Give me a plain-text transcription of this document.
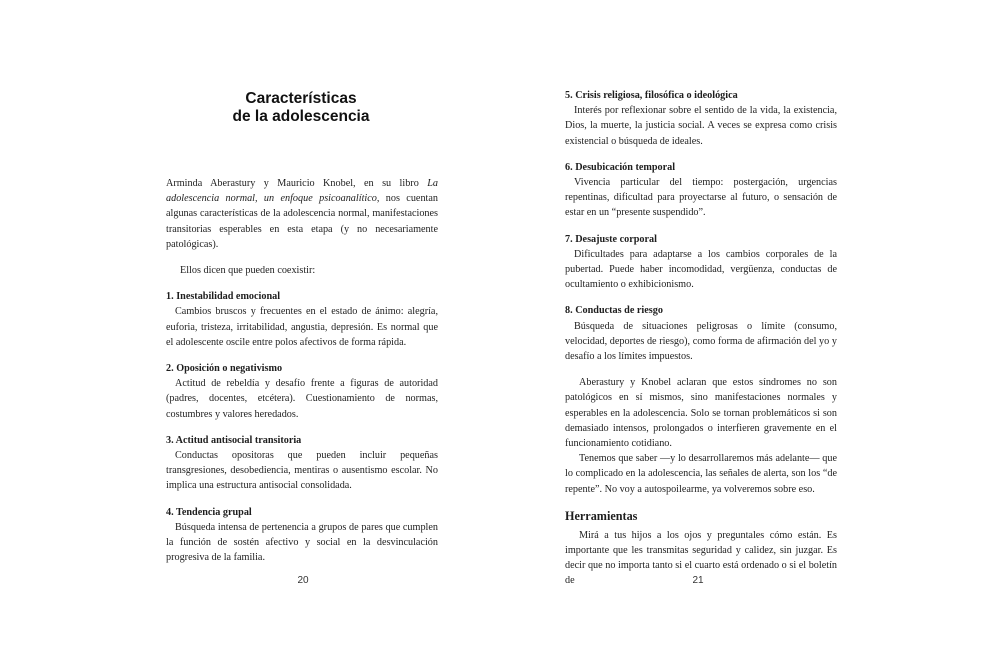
Características
de la adolescencia

Arminda Aberastury y Mauricio Knobel, en su libro La adolescencia normal, un enfoque psicoanalítico, nos cuentan algunas características de la adolescencia normal, manifestaciones transitorias esperables en esta etapa (y no necesariamente patológicas).

Ellos dicen que pueden coexistir:

1. Inestabilidad emocional

Cambios bruscos y frecuentes en el estado de ánimo: alegría, euforia, tristeza, irritabilidad, angustia, depresión. Es normal que el adolescente oscile entre polos afectivos de forma rápida.

2. Oposición o negativismo

Actitud de rebeldía y desafío frente a figuras de autoridad (padres, docentes, etcétera). Cuestionamiento de normas, costumbres y valores heredados.

3. Actitud antisocial transitoria

Conductas opositoras que pueden incluir pequeñas transgresiones, desobediencia, mentiras o ausentismo escolar. No implica una estructura antisocial consolidada.

4. Tendencia grupal

Búsqueda intensa de pertenencia a grupos de pares que cumplen la función de sostén afectivo y social en la desvinculación progresiva de la familia.

20

5. Crisis religiosa, filosófica o ideológica

Interés por reflexionar sobre el sentido de la vida, la existencia, Dios, la muerte, la justicia social. A veces se expresa como crisis existencial o búsqueda de ideales.

6. Desubicación temporal

Vivencia particular del tiempo: postergación, urgencias repentinas, dificultad para proyectarse al futuro, o sensación de estar en un “presente suspendido”.

7. Desajuste corporal

Dificultades para adaptarse a los cambios corporales de la pubertad. Puede haber incomodidad, vergüenza, conductas de ocultamiento o exhibicionismo.

8. Conductas de riesgo

Búsqueda de situaciones peligrosas o límite (consumo, velocidad, deportes de riesgo), como forma de afirmación del yo y desafío a los límites impuestos.

Aberastury y Knobel aclaran que estos síndromes no son patológicos en sí mismos, sino manifestaciones normales y esperables en la adolescencia. Solo se tornan problemáticos si son demasiado intensos, prolongados o interfieren gravemente en el funcionamiento cotidiano.

Tenemos que saber —y lo desarrollaremos más adelante— que lo complicado en la adolescencia, las señales de alerta, son los “de repente”. No voy a autospoilearme, ya volveremos sobre eso.

Herramientas

Mirá a tus hijos a los ojos y preguntales cómo están. Es importante que les transmitas seguridad y calidez, sin juzgar. Es decir que no importa tanto si el cuarto está ordenado o si el boletín de	21
